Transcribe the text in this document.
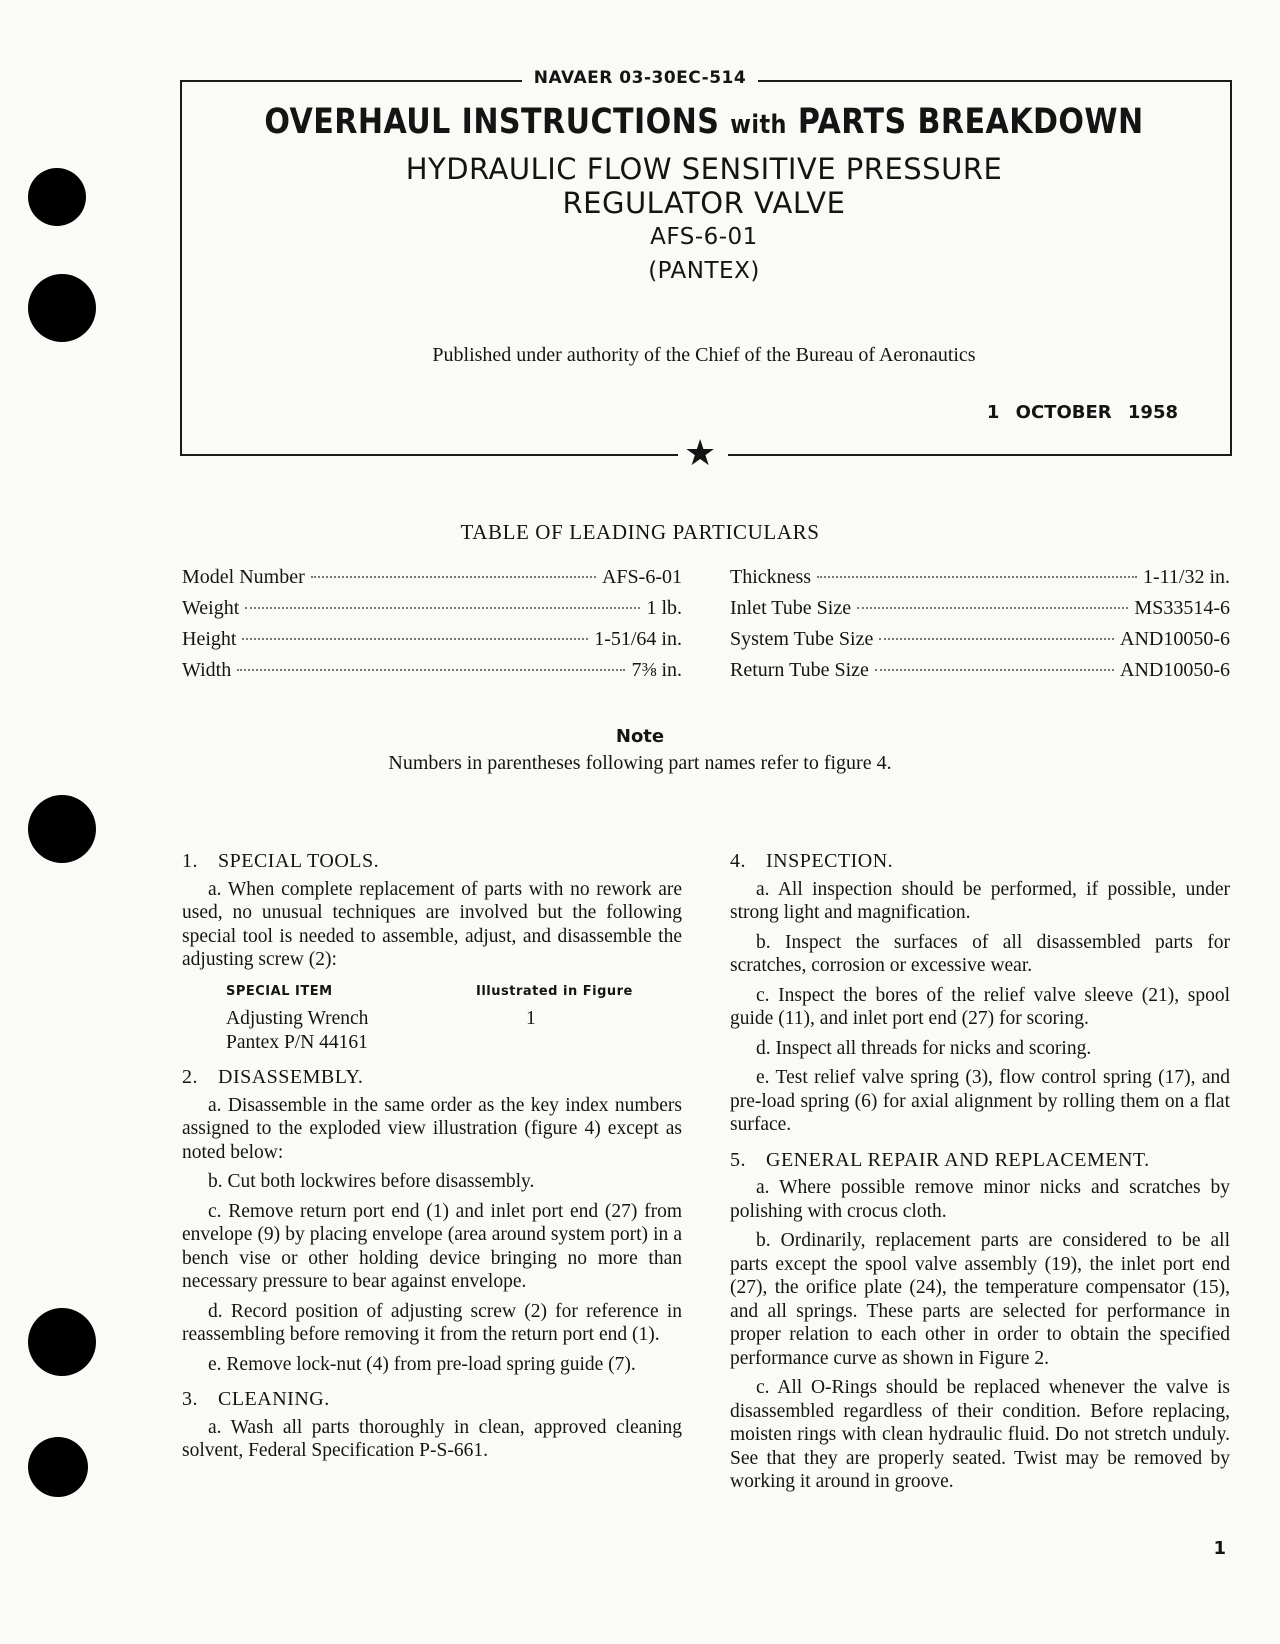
★
NAVAER 03-30EC-514
OVERHAUL INSTRUCTIONS with PARTS BREAKDOWN
HYDRAULIC FLOW SENSITIVE PRESSURE
REGULATOR VALVE
AFS-6-01
(PANTEX)
Published under authority of the Chief of the Bureau of Aeronautics
1 OCTOBER 1958
TABLE OF LEADING PARTICULARS
Model Number	AFS-6-01
Weight	1 lb.
Height	1-51/64 in.
Width	7⅜ in.
Thickness	1-11/32 in.
Inlet Tube Size	MS33514-6
System Tube Size	AND10050-6
Return Tube Size	AND10050-6
Note
Numbers in parentheses following part names refer to figure 4.
1. SPECIAL TOOLS.

a. When complete replacement of parts with no rework are used, no unusual techniques are involved but the following special tool is needed to assemble, adjust, and disassemble the adjusting screw (2):

SPECIAL ITEM	Illustrated in Figure
Adjusting Wrench	1
Pantex P/N 44161
2. DISASSEMBLY.

a. Disassemble in the same order as the key index numbers assigned to the exploded view illustration (figure 4) except as noted below:

b. Cut both lockwires before disassembly.

c. Remove return port end (1) and inlet port end (27) from envelope (9) by placing envelope (area around system port) in a bench vise or other holding device bringing no more than necessary pressure to bear against envelope.

d. Record position of adjusting screw (2) for reference in reassembling before removing it from the return port end (1).

e. Remove lock-nut (4) from pre-load spring guide (7).

3. CLEANING.

a. Wash all parts thoroughly in clean, approved cleaning solvent, Federal Specification P-S-661.

4. INSPECTION.

a. All inspection should be performed, if possible, under strong light and magnification.

b. Inspect the surfaces of all disassembled parts for scratches, corrosion or excessive wear.

c. Inspect the bores of the relief valve sleeve (21), spool guide (11), and inlet port end (27) for scoring.

d. Inspect all threads for nicks and scoring.

e. Test relief valve spring (3), flow control spring (17), and pre-load spring (6) for axial alignment by rolling them on a flat surface.

5. GENERAL REPAIR AND REPLACEMENT.

a. Where possible remove minor nicks and scratches by polishing with crocus cloth.

b. Ordinarily, replacement parts are considered to be all parts except the spool valve assembly (19), the inlet port end (27), the orifice plate (24), the temperature compensator (15), and all springs. These parts are selected for performance in proper relation to each other in order to obtain the specified performance curve as shown in Figure 2.

c. All O-Rings should be replaced whenever the valve is disassembled regardless of their condition. Before replacing, moisten rings with clean hydraulic fluid. Do not stretch unduly. See that they are properly seated. Twist may be removed by working it around in groove.

1
